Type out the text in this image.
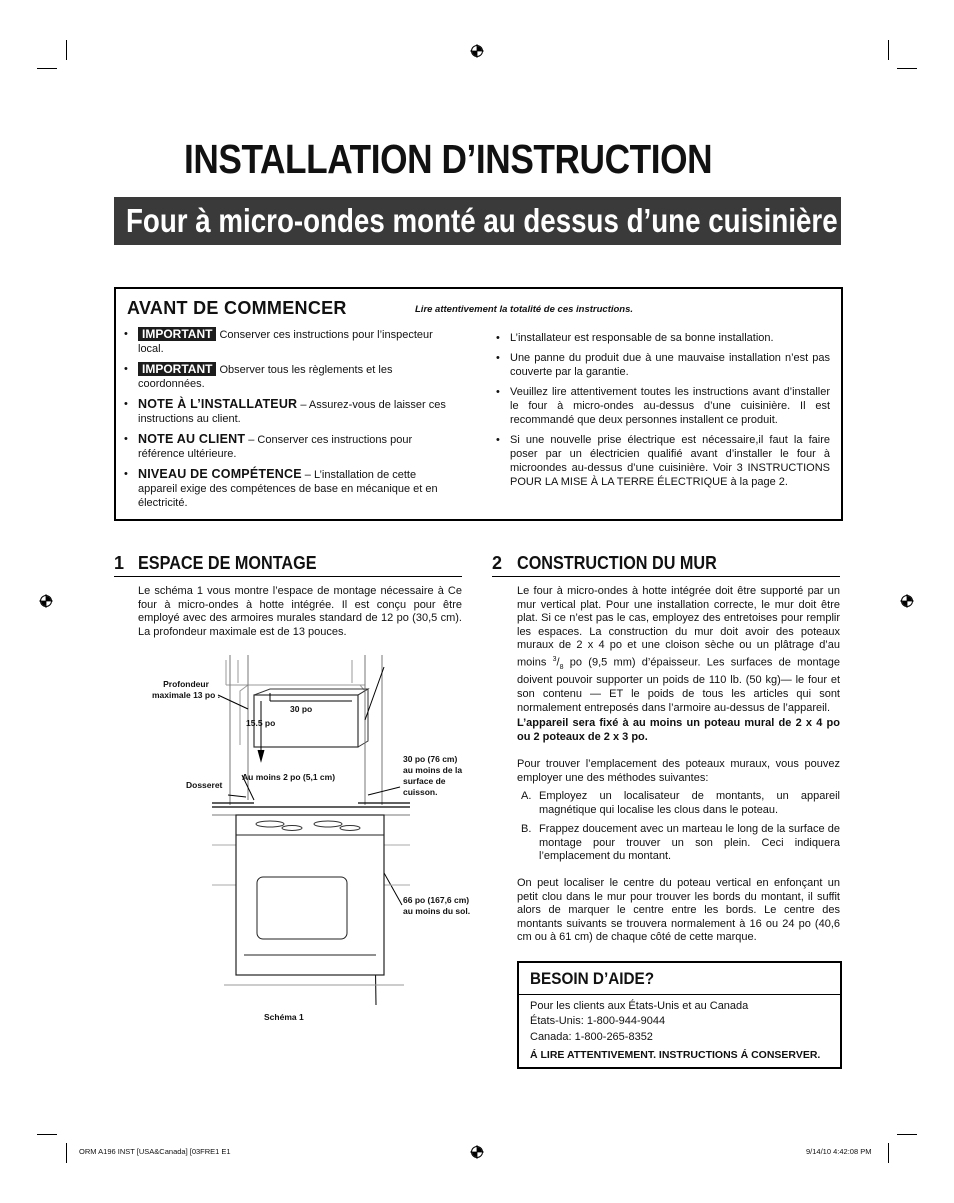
INSTALLATION D’INSTRUCTION
Four à micro-ondes monté au dessus d’une cuisinière
AVANT DE COMMENCER	Lire attentivement la totalité de ces instructions.
• IMPORTANT Conserver ces instructions pour l’inspecteur local.
• IMPORTANT Observer tous les règlements et les coordonnées.
• NOTE À L’INSTALLATEUR – Assurez-vous de laisser ces instructions au client.
• NOTE AU CLIENT – Conserver ces instructions pour référence ultérieure.
• NIVEAU DE COMPÉTENCE – L’installation de cette appareil exige des compétences de base en mécanique et en électricité.
• L’installateur est responsable de sa bonne installation.
• Une panne du produit due à une mauvaise installation n’est pas couverte par la garantie.
• Veuillez lire attentivement toutes les instructions avant d’installer le four à micro-ondes au-dessus d’une cuisinière. Il est recommandé que deux personnes installent ce produit.
• Si une nouvelle prise électrique est nécessaire,il faut la faire poser par un électricien qualifié avant d’installer le four à microondes au-dessus d’une cuisinière. Voir 3 INSTRUCTIONS POUR LA MISE À LA TERRE ÉLECTRIQUE à la page 2.
1 ESPACE DE MONTAGE
Le schéma 1 vous montre l’espace de montage nécessaire à Ce four à micro-ondes à hotte intégrée. Il est conçu pour être employé avec des armoires murales standard de 12 po (30,5 cm). La profondeur maximale est de 13 pouces.
Profondeur maximale 13 po .
30 po
15.5 po
Au moins 2 po (5,1 cm)
Dosseret
30 po (76 cm) au moins de la surface de cuisson.
66 po (167,6 cm) au moins du sol.
Schéma 1
2 CONSTRUCTION DU MUR
Le four à micro-ondes à hotte intégrée doit être supporté par un mur vertical plat. Pour une installation correcte, le mur doit être plat. Si ce n’est pas le cas, employez des entretoises pour remplir les espaces. La construction du mur doit avoir des poteaux muraux de 2 x 4 po et une cloison sèche ou un plâtrage d’au moins $^3/_8$ po (9,5 mm) d’épaisseur. Les surfaces de montage doivent pouvoir supporter un poids de 110 lb. (50 kg)— le four et son contenu — ET le poids de tous les articles qui sont normalement entreposés dans l’armoire au-dessus de l’appareil.
L’appareil sera fixé à au moins un poteau mural de 2 x 4 po ou 2 poteaux de 2 x 3 po.
Pour trouver l’emplacement des poteaux muraux, vous pouvez employer une des méthodes suivantes:
A. Employez un localisateur de montants, un appareil magnétique qui localise les clous dans le poteau.
B. Frappez doucement avec un marteau le long de la surface de montage pour trouver un son plein. Ceci indiquera l’emplacement du montant.
On peut localiser le centre du poteau vertical en enfonçant un petit clou dans le mur pour trouver les bords du montant, il suffit alors de marquer le centre entre les bords. Le centre des montants suivants se trouvera normalement à 16 ou 24 po (40,6 cm ou à 61 cm) de chaque côté de cette marque.
BESOIN D’AIDE?
Pour les clients aux États-Unis et au Canada
États-Unis: 1-800-944-9044
Canada: 1-800-265-8352
Á LIRE ATTENTIVEMENT. INSTRUCTIONS Á CONSERVER.
ORM A196 INST [USA&Canada] [03FRE1 E1	9/14/10 4:42:08 PM
